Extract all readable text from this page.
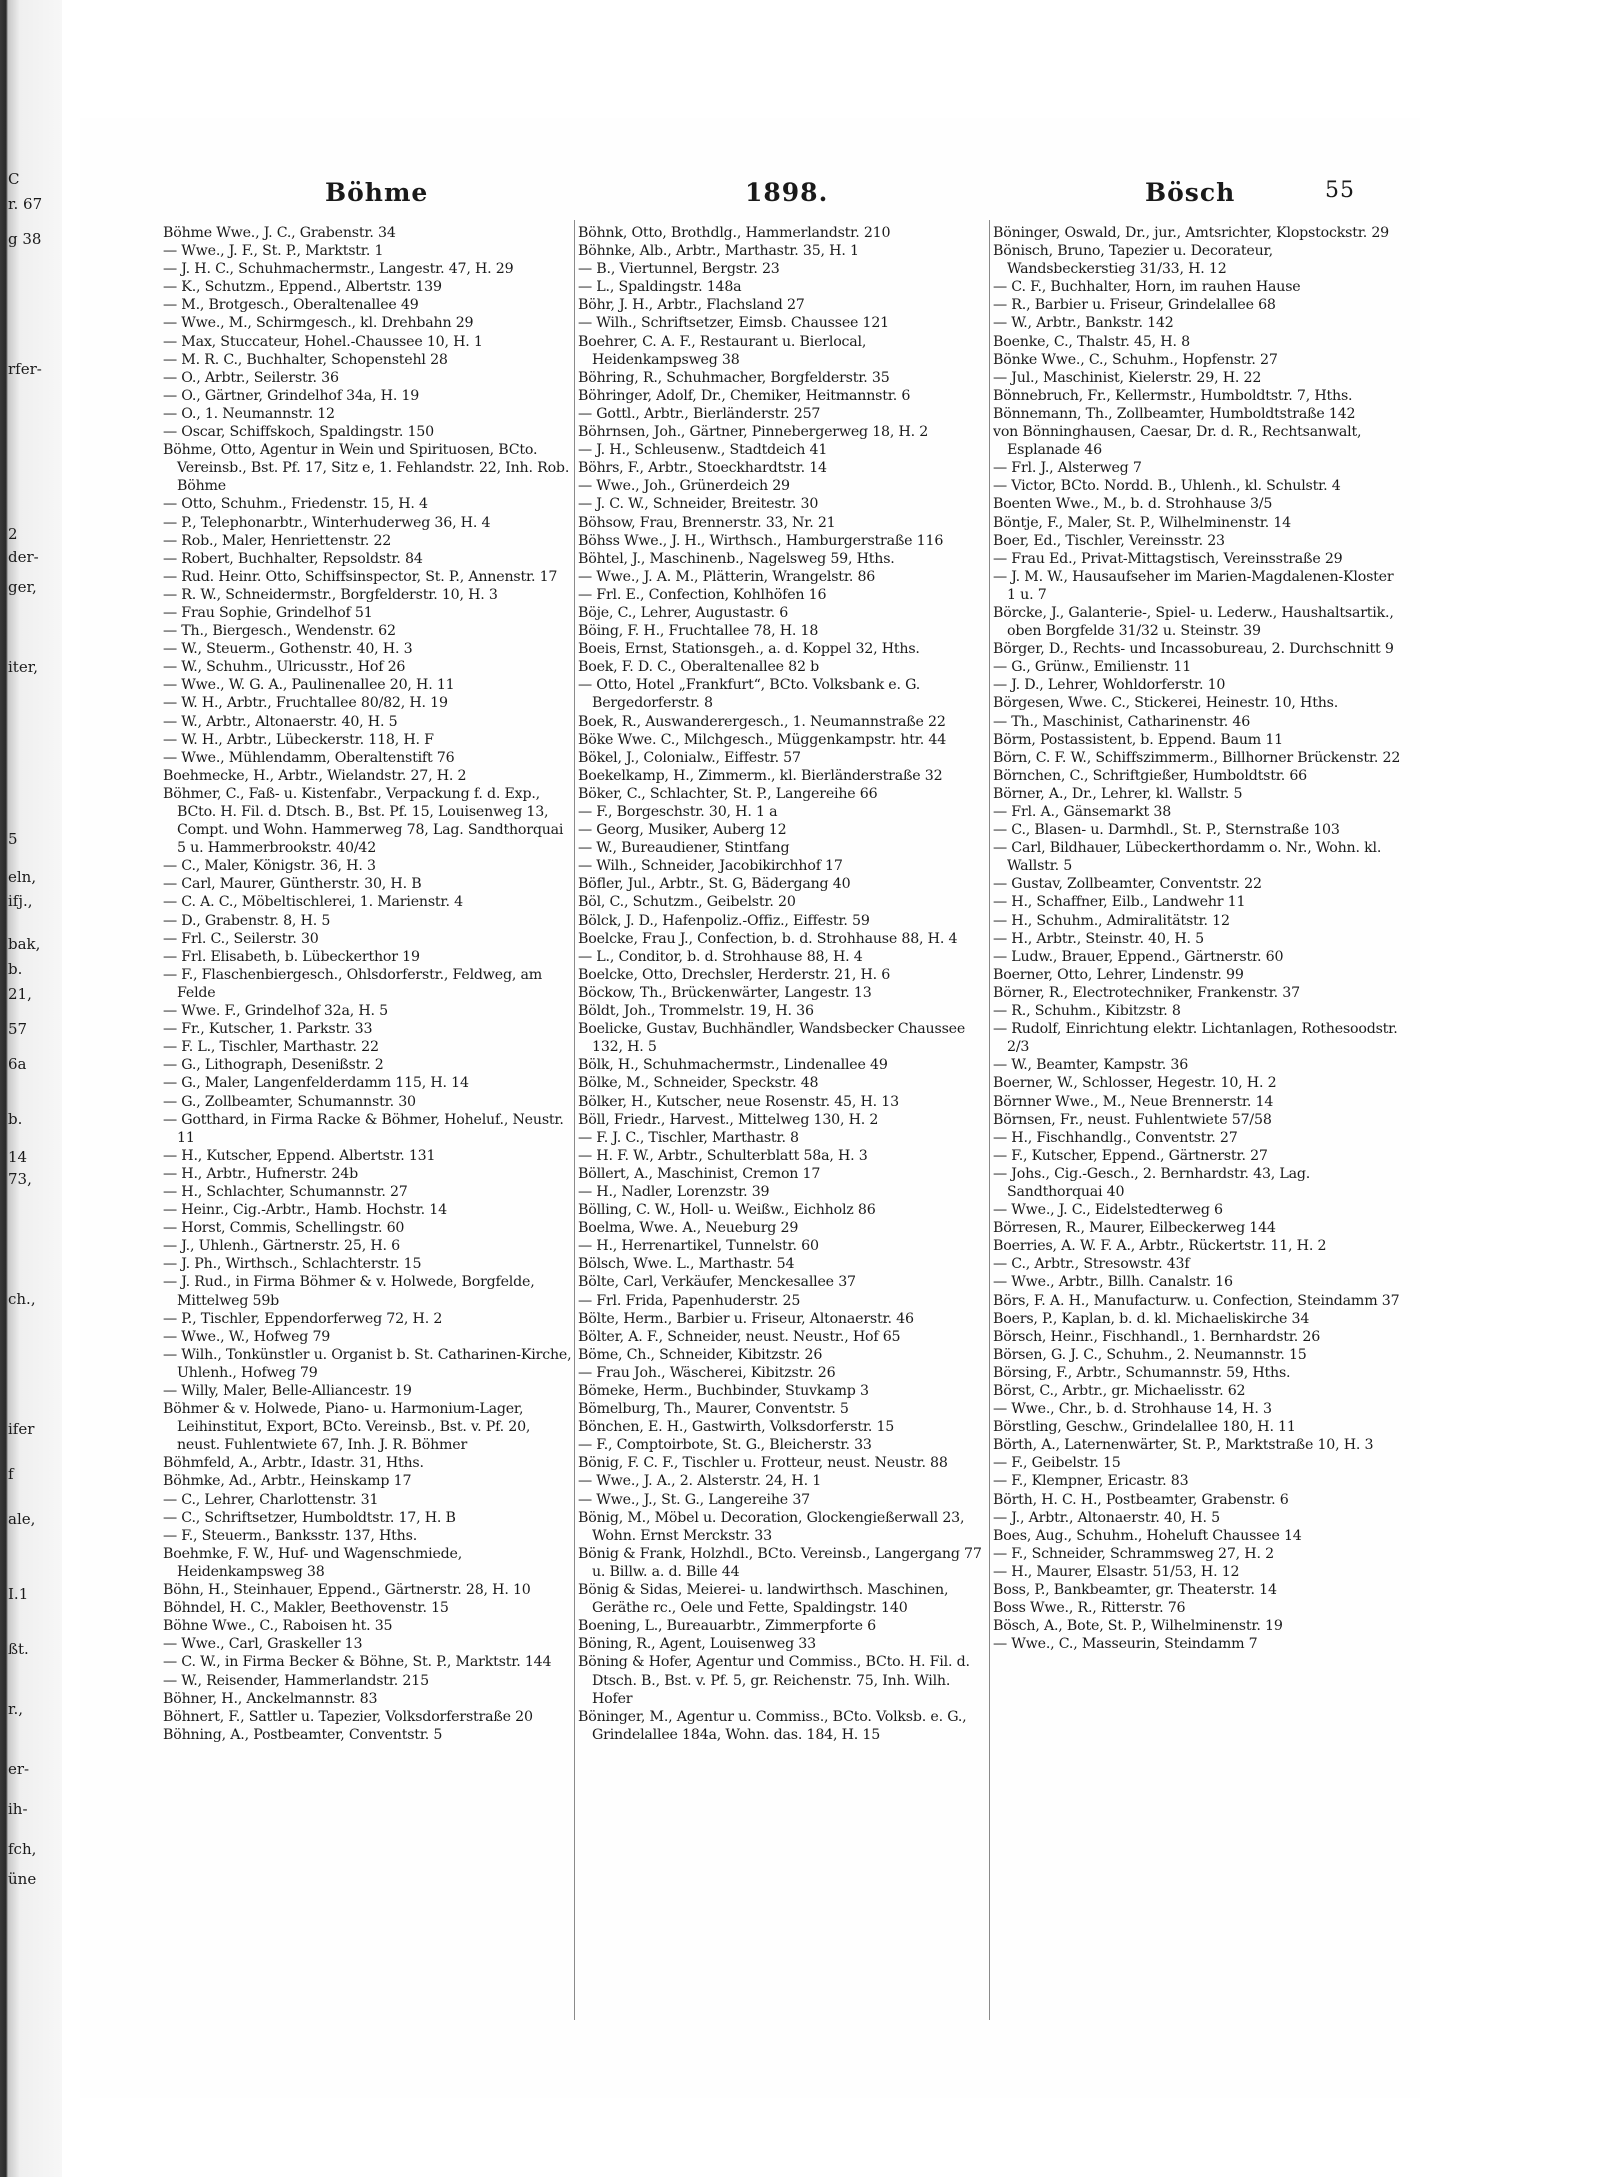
C
r. 67
g 38
rfer-
2
der-
ger,
iter,
5
eln,
ifj.,
bak,
b.
21,
57
6a
b.
14
73,
ch.,
ifer
f
ale,
I.1
ßt.
r.,
er-
ih-
fch,
üne
Böhme	1898.	Bösch	55
Böhme Wwe., J. C., Grabenstr. 34
— Wwe., J. F., St. P., Marktstr. 1
— J. H. C., Schuhmachermstr., Langestr. 47, H. 29
— K., Schutzm., Eppend., Albertstr. 139
— M., Brotgesch., Oberaltenallee 49
— Wwe., M., Schirmgesch., kl. Drehbahn 29
— Max, Stuccateur, Hohel.-Chaussee 10, H. 1
— M. R. C., Buchhalter, Schopenstehl 28
— O., Arbtr., Seilerstr. 36
— O., Gärtner, Grindelhof 34a, H. 19
— O., 1. Neumannstr. 12
— Oscar, Schiffskoch, Spaldingstr. 150
Böhme, Otto, Agentur in Wein und Spirituosen, BCto. Vereinsb., Bst. Pf. 17, Sitz e, 1. Fehlandstr. 22, Inh. Rob. Böhme
— Otto, Schuhm., Friedenstr. 15, H. 4
— P., Telephonarbtr., Winterhuderweg 36, H. 4
— Rob., Maler, Henriettenstr. 22
— Robert, Buchhalter, Repsoldstr. 84
— Rud. Heinr. Otto, Schiffsinspector, St. P., Annenstr. 17
— R. W., Schneidermstr., Borgfelderstr. 10, H. 3
— Frau Sophie, Grindelhof 51
— Th., Biergesch., Wendenstr. 62
— W., Steuerm., Gothenstr. 40, H. 3
— W., Schuhm., Ulricusstr., Hof 26
— Wwe., W. G. A., Paulinenallee 20, H. 11
— W. H., Arbtr., Fruchtallee 80/82, H. 19
— W., Arbtr., Altonaerstr. 40, H. 5
— W. H., Arbtr., Lübeckerstr. 118, H. F
— Wwe., Mühlendamm, Oberaltenstift 76
Boehmecke, H., Arbtr., Wielandstr. 27, H. 2
Böhmer, C., Faß- u. Kistenfabr., Verpackung f. d. Exp., BCto. H. Fil. d. Dtsch. B., Bst. Pf. 15, Louisenweg 13, Compt. und Wohn. Hammerweg 78, Lag. Sandthorquai 5 u. Hammerbrookstr. 40/42
— C., Maler, Königstr. 36, H. 3
— Carl, Maurer, Güntherstr. 30, H. B
— C. A. C., Möbeltischlerei, 1. Marienstr. 4
— D., Grabenstr. 8, H. 5
— Frl. C., Seilerstr. 30
— Frl. Elisabeth, b. Lübeckerthor 19
— F., Flaschenbiergesch., Ohlsdorferstr., Feldweg, am Felde
— Wwe. F., Grindelhof 32a, H. 5
— Fr., Kutscher, 1. Parkstr. 33
— F. L., Tischler, Marthastr. 22
— G., Lithograph, Desenißstr. 2
— G., Maler, Langenfelderdamm 115, H. 14
— G., Zollbeamter, Schumannstr. 30
— Gotthard, in Firma Racke & Böhmer, Hoheluf., Neustr. 11
— H., Kutscher, Eppend. Albertstr. 131
— H., Arbtr., Hufnerstr. 24b
— H., Schlachter, Schumannstr. 27
— Heinr., Cig.-Arbtr., Hamb. Hochstr. 14
— Horst, Commis, Schellingstr. 60
— J., Uhlenh., Gärtnerstr. 25, H. 6
— J. Ph., Wirthsch., Schlachterstr. 15
— J. Rud., in Firma Böhmer & v. Holwede, Borgfelde, Mittelweg 59b
— P., Tischler, Eppendorferweg 72, H. 2
— Wwe., W., Hofweg 79
— Wilh., Tonkünstler u. Organist b. St. Catharinen-Kirche, Uhlenh., Hofweg 79
— Willy, Maler, Belle-Alliancestr. 19
Böhmer & v. Holwede, Piano- u. Harmonium-Lager, Leihinstitut, Export, BCto. Vereinsb., Bst. v. Pf. 20, neust. Fuhlentwiete 67, Inh. J. R. Böhmer
Böhmfeld, A., Arbtr., Idastr. 31, Hths.
Böhmke, Ad., Arbtr., Heinskamp 17
— C., Lehrer, Charlottenstr. 31
— C., Schriftsetzer, Humboldtstr. 17, H. B
— F., Steuerm., Banksstr. 137, Hths.
Boehmke, F. W., Huf- und Wagenschmiede, Heidenkampsweg 38
Böhn, H., Steinhauer, Eppend., Gärtnerstr. 28, H. 10
Böhndel, H. C., Makler, Beethovenstr. 15
Böhne Wwe., C., Raboisen ht. 35
— Wwe., Carl, Graskeller 13
— C. W., in Firma Becker & Böhne, St. P., Marktstr. 144
— W., Reisender, Hammerlandstr. 215
Böhner, H., Anckelmannstr. 83
Böhnert, F., Sattler u. Tapezier, Volksdorferstraße 20
Böhning, A., Postbeamter, Conventstr. 5
Böhnk, Otto, Brothdlg., Hammerlandstr. 210
Böhnke, Alb., Arbtr., Marthastr. 35, H. 1
— B., Viertunnel, Bergstr. 23
— L., Spaldingstr. 148a
Böhr, J. H., Arbtr., Flachsland 27
— Wilh., Schriftsetzer, Eimsb. Chaussee 121
Boehrer, C. A. F., Restaurant u. Bierlocal, Heidenkampsweg 38
Böhring, R., Schuhmacher, Borgfelderstr. 35
Böhringer, Adolf, Dr., Chemiker, Heitmannstr. 6
— Gottl., Arbtr., Bierländerstr. 257
Böhrnsen, Joh., Gärtner, Pinnebergerweg 18, H. 2
— J. H., Schleusenw., Stadtdeich 41
Böhrs, F., Arbtr., Stoeckhardtstr. 14
— Wwe., Joh., Grünerdeich 29
— J. C. W., Schneider, Breitestr. 30
Böhsow, Frau, Brennerstr. 33, Nr. 21
Böhss Wwe., J. H., Wirthsch., Hamburgerstraße 116
Böhtel, J., Maschinenb., Nagelsweg 59, Hths.
— Wwe., J. A. M., Plätterin, Wrangelstr. 86
— Frl. E., Confection, Kohlhöfen 16
Böje, C., Lehrer, Augustastr. 6
Böing, F. H., Fruchtallee 78, H. 18
Boeis, Ernst, Stationsgeh., a. d. Koppel 32, Hths.
Boek, F. D. C., Oberaltenallee 82 b
— Otto, Hotel „Frankfurt“, BCto. Volksbank e. G. Bergedorferstr. 8
Boek, R., Auswanderergesch., 1. Neumannstraße 22
Böke Wwe. C., Milchgesch., Müggenkampstr. htr. 44
Bökel, J., Colonialw., Eiffestr. 57
Boekelkamp, H., Zimmerm., kl. Bierländerstraße 32
Böker, C., Schlachter, St. P., Langereihe 66
— F., Borgeschstr. 30, H. 1 a
— Georg, Musiker, Auberg 12
— W., Bureaudiener, Stintfang
— Wilh., Schneider, Jacobikirchhof 17
Böfler, Jul., Arbtr., St. G, Bädergang 40
Böl, C., Schutzm., Geibelstr. 20
Bölck, J. D., Hafenpoliz.-Offiz., Eiffestr. 59
Boelcke, Frau J., Confection, b. d. Strohhause 88, H. 4
— L., Conditor, b. d. Strohhause 88, H. 4
Boelcke, Otto, Drechsler, Herderstr. 21, H. 6
Böckow, Th., Brückenwärter, Langestr. 13
Böldt, Joh., Trommelstr. 19, H. 36
Boelicke, Gustav, Buchhändler, Wandsbecker Chaussee 132, H. 5
Bölk, H., Schuhmachermstr., Lindenallee 49
Bölke, M., Schneider, Speckstr. 48
Bölker, H., Kutscher, neue Rosenstr. 45, H. 13
Böll, Friedr., Harvest., Mittelweg 130, H. 2
— F. J. C., Tischler, Marthastr. 8
— H. F. W., Arbtr., Schulterblatt 58a, H. 3
Böllert, A., Maschinist, Cremon 17
— H., Nadler, Lorenzstr. 39
Bölling, C. W., Holl- u. Weißw., Eichholz 86
Boelma, Wwe. A., Neueburg 29
— H., Herrenartikel, Tunnelstr. 60
Bölsch, Wwe. L., Marthastr. 54
Bölte, Carl, Verkäufer, Menckesallee 37
— Frl. Frida, Papenhuderstr. 25
Bölte, Herm., Barbier u. Friseur, Altonaerstr. 46
Bölter, A. F., Schneider, neust. Neustr., Hof 65
Böme, Ch., Schneider, Kibitzstr. 26
— Frau Joh., Wäscherei, Kibitzstr. 26
Bömeke, Herm., Buchbinder, Stuvkamp 3
Bömelburg, Th., Maurer, Conventstr. 5
Bönchen, E. H., Gastwirth, Volksdorferstr. 15
— F., Comptoirbote, St. G., Bleicherstr. 33
Bönig, F. C. F., Tischler u. Frotteur, neust. Neustr. 88
— Wwe., J. A., 2. Alsterstr. 24, H. 1
— Wwe., J., St. G., Langereihe 37
Bönig, M., Möbel u. Decoration, Glockengießerwall 23, Wohn. Ernst Merckstr. 33
Bönig & Frank, Holzhdl., BCto. Vereinsb., Langergang 77 u. Billw. a. d. Bille 44
Bönig & Sidas, Meierei- u. landwirthsch. Maschinen, Geräthe rc., Oele und Fette, Spaldingstr. 140
Boening, L., Bureauarbtr., Zimmerpforte 6
Böning, R., Agent, Louisenweg 33
Böning & Hofer, Agentur und Commiss., BCto. H. Fil. d. Dtsch. B., Bst. v. Pf. 5, gr. Reichenstr. 75, Inh. Wilh. Hofer
Böninger, M., Agentur u. Commiss., BCto. Volksb. e. G., Grindelallee 184a, Wohn. das. 184, H. 15
Böninger, Oswald, Dr., jur., Amtsrichter, Klopstockstr. 29
Bönisch, Bruno, Tapezier u. Decorateur, Wandsbeckerstieg 31/33, H. 12
— C. F., Buchhalter, Horn, im rauhen Hause
— R., Barbier u. Friseur, Grindelallee 68
— W., Arbtr., Bankstr. 142
Boenke, C., Thalstr. 45, H. 8
Bönke Wwe., C., Schuhm., Hopfenstr. 27
— Jul., Maschinist, Kielerstr. 29, H. 22
Bönnebruch, Fr., Kellermstr., Humboldtstr. 7, Hths.
Bönnemann, Th., Zollbeamter, Humboldtstraße 142
von Bönninghausen, Caesar, Dr. d. R., Rechtsanwalt, Esplanade 46
— Frl. J., Alsterweg 7
— Victor, BCto. Nordd. B., Uhlenh., kl. Schulstr. 4
Boenten Wwe., M., b. d. Strohhause 3/5
Böntje, F., Maler, St. P., Wilhelminenstr. 14
Boer, Ed., Tischler, Vereinsstr. 23
— Frau Ed., Privat-Mittagstisch, Vereinsstraße 29
— J. M. W., Hausaufseher im Marien-Magdalenen-Kloster 1 u. 7
Börcke, J., Galanterie-, Spiel- u. Lederw., Haushaltsartik., oben Borgfelde 31/32 u. Steinstr. 39
Börger, D., Rechts- und Incassobureau, 2. Durchschnitt 9
— G., Grünw., Emilienstr. 11
— J. D., Lehrer, Wohldorferstr. 10
Börgesen, Wwe. C., Stickerei, Heinestr. 10, Hths.
— Th., Maschinist, Catharinenstr. 46
Börm, Postassistent, b. Eppend. Baum 11
Börn, C. F. W., Schiffszimmerm., Billhorner Brückenstr. 22
Börnchen, C., Schriftgießer, Humboldtstr. 66
Börner, A., Dr., Lehrer, kl. Wallstr. 5
— Frl. A., Gänsemarkt 38
— C., Blasen- u. Darmhdl., St. P., Sternstraße 103
— Carl, Bildhauer, Lübeckerthordamm o. Nr., Wohn. kl. Wallstr. 5
— Gustav, Zollbeamter, Conventstr. 22
— H., Schaffner, Eilb., Landwehr 11
— H., Schuhm., Admiralitätstr. 12
— H., Arbtr., Steinstr. 40, H. 5
— Ludw., Brauer, Eppend., Gärtnerstr. 60
Boerner, Otto, Lehrer, Lindenstr. 99
Börner, R., Electrotechniker, Frankenstr. 37
— R., Schuhm., Kibitzstr. 8
— Rudolf, Einrichtung elektr. Lichtanlagen, Rothesoodstr. 2/3
— W., Beamter, Kampstr. 36
Boerner, W., Schlosser, Hegestr. 10, H. 2
Börnner Wwe., M., Neue Brennerstr. 14
Börnsen, Fr., neust. Fuhlentwiete 57/58
— H., Fischhandlg., Conventstr. 27
— F., Kutscher, Eppend., Gärtnerstr. 27
— Johs., Cig.-Gesch., 2. Bernhardstr. 43, Lag. Sandthorquai 40
— Wwe., J. C., Eidelstedterweg 6
Börresen, R., Maurer, Eilbeckerweg 144
Boerries, A. W. F. A., Arbtr., Rückertstr. 11, H. 2
— C., Arbtr., Stresowstr. 43f
— Wwe., Arbtr., Billh. Canalstr. 16
Börs, F. A. H., Manufacturw. u. Confection, Steindamm 37
Boers, P., Kaplan, b. d. kl. Michaeliskirche 34
Börsch, Heinr., Fischhandl., 1. Bernhardstr. 26
Börsen, G. J. C., Schuhm., 2. Neumannstr. 15
Börsing, F., Arbtr., Schumannstr. 59, Hths.
Börst, C., Arbtr., gr. Michaelisstr. 62
— Wwe., Chr., b. d. Strohhause 14, H. 3
Börstling, Geschw., Grindelallee 180, H. 11
Börth, A., Laternenwärter, St. P., Marktstraße 10, H. 3
— F., Geibelstr. 15
— F., Klempner, Ericastr. 83
Börth, H. C. H., Postbeamter, Grabenstr. 6
— J., Arbtr., Altonaerstr. 40, H. 5
Boes, Aug., Schuhm., Hoheluft Chaussee 14
— F., Schneider, Schrammsweg 27, H. 2
— H., Maurer, Elsastr. 51/53, H. 12
Boss, P., Bankbeamter, gr. Theaterstr. 14
Boss Wwe., R., Ritterstr. 76
Bösch, A., Bote, St. P., Wilhelminenstr. 19
— Wwe., C., Masseurin, Steindamm 7
